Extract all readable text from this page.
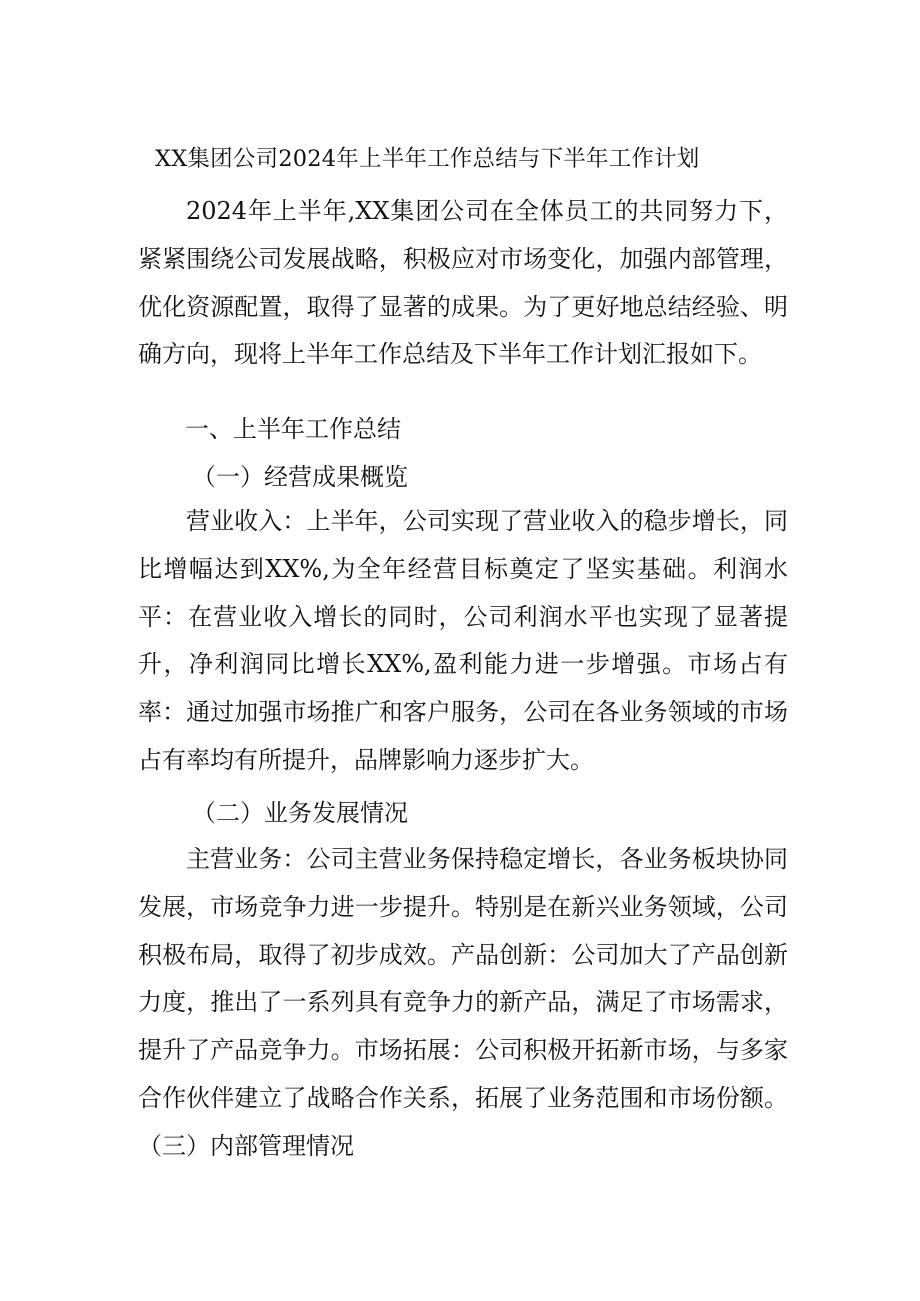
XX集团公司2024年上半年工作总结与下半年工作计划

2024年上半年,XX集团公司在全体员工的共同努力下，紧紧围绕公司发展战略，积极应对市场变化，加强内部管理，优化资源配置，取得了显著的成果。为了更好地总结经验、明确方向，现将上半年工作总结及下半年工作计划汇报如下。

一、上半年工作总结
（一）经营成果概览

营业收入：上半年，公司实现了营业收入的稳步增长，同比增幅达到XX%,为全年经营目标奠定了坚实基础。利润水平：在营业收入增长的同时，公司利润水平也实现了显著提升，净利润同比增长XX%,盈利能力进一步增强。市场占有率：通过加强市场推广和客户服务，公司在各业务领域的市场占有率均有所提升，品牌影响力逐步扩大。

（二）业务发展情况

主营业务：公司主营业务保持稳定增长，各业务板块协同发展，市场竞争力进一步提升。特别是在新兴业务领域，公司积极布局，取得了初步成效。产品创新：公司加大了产品创新力度，推出了一系列具有竞争力的新产品，满足了市场需求，提升了产品竞争力。市场拓展：公司积极开拓新市场，与多家合作伙伴建立了战略合作关系，拓展了业务范围和市场份额。（三）内部管理情况
